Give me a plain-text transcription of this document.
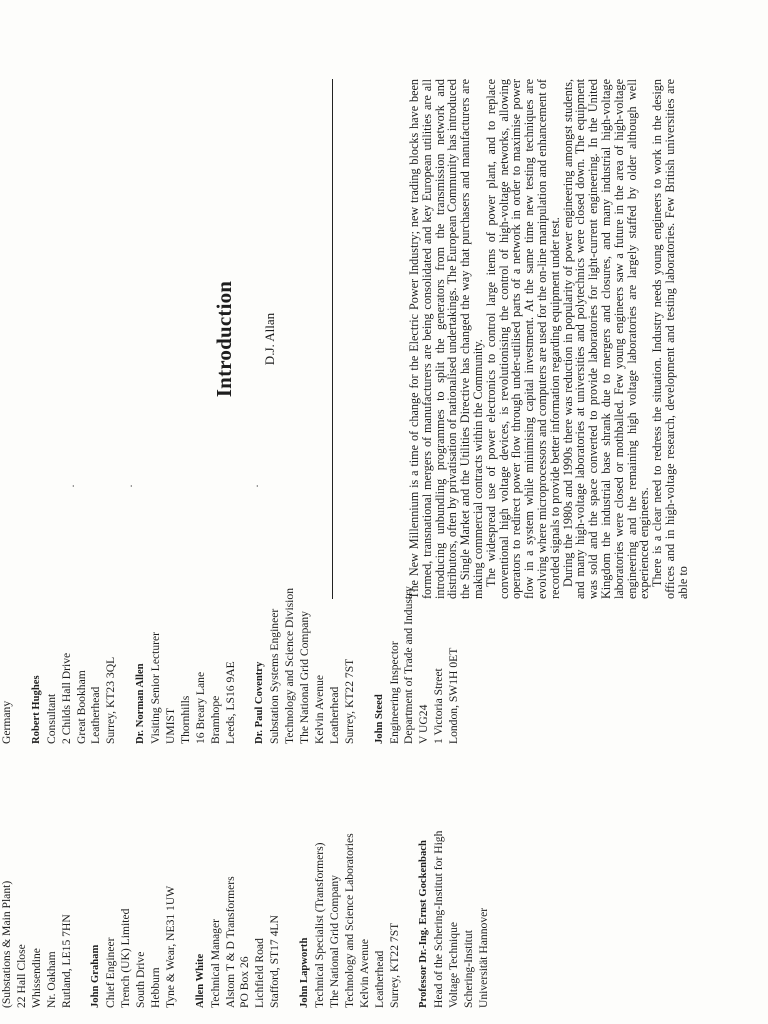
(Substations & Main Plant) 22 Hall Close Whissendine Nr. Oakham Rutland, LE15 7HN John Graham Chief Engineer Trench (UK) Limited South Drive Hebburn Tyne & Wear, NE31 1UW Allen White Technical Manager Alstom T & D Transformers PO Box 26 Lichfield Road Stafford, ST17 4LN John Lapworth Technical Specialist (Transformers) The National Grid Company Technology and Science Laboratories Kelvin Avenue Leatherhead Surrey, KT22 7ST Professor Dr.-Ing. Ernst Gockenbach Head of the Schering-Institut for High Voltage Technique Schering-Institut Universität Hannover
Germany Robert Hughes Consultant 2 Childs Hall Drive Great Bookham Leatherhead Surrey, KT23 3QL Dr. Norman Allen Visiting Senior Lecturer UMIST Thornhills 16 Breary Lane Bramhope Leeds, LS16 9AE Dr. Paul Coventry Substation Systems Engineer Technology and Science Division The National Grid Company Kelvin Avenue Leatherhead Surrey, KT22 7ST John Steed Engineering Inspector Department of Trade and Industry V UG24 1 Victoria Street London, SW1H 0ET
·	·	·
Introduction D.J. Allan	The New Millennium is a time of change for the Electric Power Industry; new trading blocks have been formed, transnational mergers of manufacturers are being consolidated and key European utilities are all introducing unbundling programmes to split the generators from the transmission network and distributors, often by privatisation of nationalised undertakings. The European Community has introduced the Single Market and the Utilities Directive has changed the way that purchasers and manufacturers are making commercial contracts within the Community.

The widespread use of power electronics to control large items of power plant, and to replace conventional high voltage devices, is revolutionising the control of high-voltage networks, allowing operators to redirect power flow through under-utilised parts of a network in order to maximise power flow in a system while minimising capital investment. At the same time new testing techniques are evolving where microprocessors and computers are used for the on-line manipulation and enhancement of recorded signals to provide better information regarding equipment under test.

During the 1980s and 1990s there was reduction in popularity of power engineering amongst students, and many high-voltage laboratories at universities and polytechnics were closed down. The equipment was sold and the space converted to provide laboratories for light-current engineering. In the United Kingdom the industrial base shrank due to mergers and closures, and many industrial high-voltage laboratories were closed or mothballed. Few young engineers saw a future in the area of high-voltage engineering and the remaining high voltage laboratories are largely staffed by older although well experienced engineers.

There is a clear need to redress the situation. Industry needs young engineers to work in the design offices and in high-voltage research, development and testing laboratories. Few British universities are able to
